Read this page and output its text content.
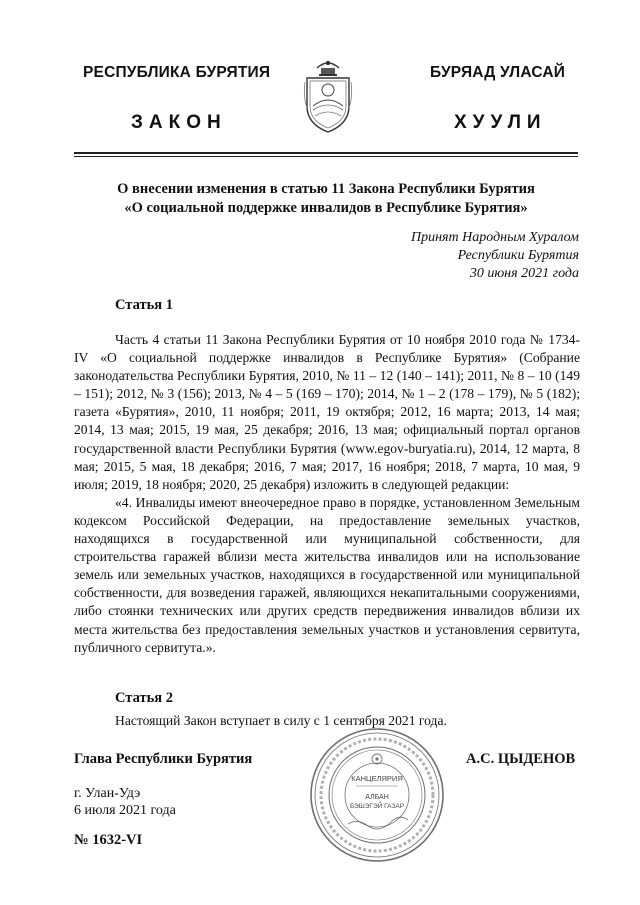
РЕСПУБЛИКА БУРЯТИЯ	БУРЯАД УЛАСАЙ
ЗАКОН	ХУУЛИ
О внесении изменения в статью 11 Закона Республики Бурятия
«О социальной поддержке инвалидов в Республике Бурятия»
Принят Народным Хуралом
Республики Бурятия
30 июня 2021 года
Статья 1

Часть 4 статьи 11 Закона Республики Бурятия от 10 ноября 2010 года № 1734-IV «О социальной поддержке инвалидов в Республике Бурятия» (Собрание законодательства Республики Бурятия, 2010, № 11 – 12 (140 – 141); 2011, № 8 – 10 (149 – 151); 2012, № 3 (156); 2013, № 4 – 5 (169 – 170); 2014, № 1 – 2 (178 – 179), № 5 (182); газета «Бурятия», 2010, 11 ноября; 2011, 19 октября; 2012, 16 марта; 2013, 14 мая; 2014, 13 мая; 2015, 19 мая, 25 декабря; 2016, 13 мая; официальный портал органов государственной власти Республики Бурятия (www.egov-buryatia.ru), 2014, 12 марта, 8 мая; 2015, 5 мая, 18 декабря; 2016, 7 мая; 2017, 16 ноября; 2018, 7 марта, 10 мая, 9 июля; 2019, 18 ноября; 2020, 25 декабря) изложить в следующей редакции:

«4. Инвалиды имеют внеочередное право в порядке, установленном Земельным кодексом Российской Федерации, на предоставление земельных участков, находящихся в государственной или муниципальной собственности, для строительства гаражей вблизи места жительства инвалидов или на использование земель или земельных участков, находящихся в государственной или муниципальной собственности, для возведения гаражей, являющихся некапитальными сооружениями, либо стоянки технических или других средств передвижения инвалидов вблизи их места жительства без предоставления земельных участков и установления сервитута, публичного сервитута.».

Статья 2

Настоящий Закон вступает в силу с 1 сентября 2021 года.

Глава Республики Бурятия	А.С. ЦЫДЕНОВ
г. Улан-Удэ
6 июля 2021 года
№ 1632-VI
КАНЦЕЛЯРИЯ
АЛБАН
БЭШЭГЭЙ ГАЗАР
